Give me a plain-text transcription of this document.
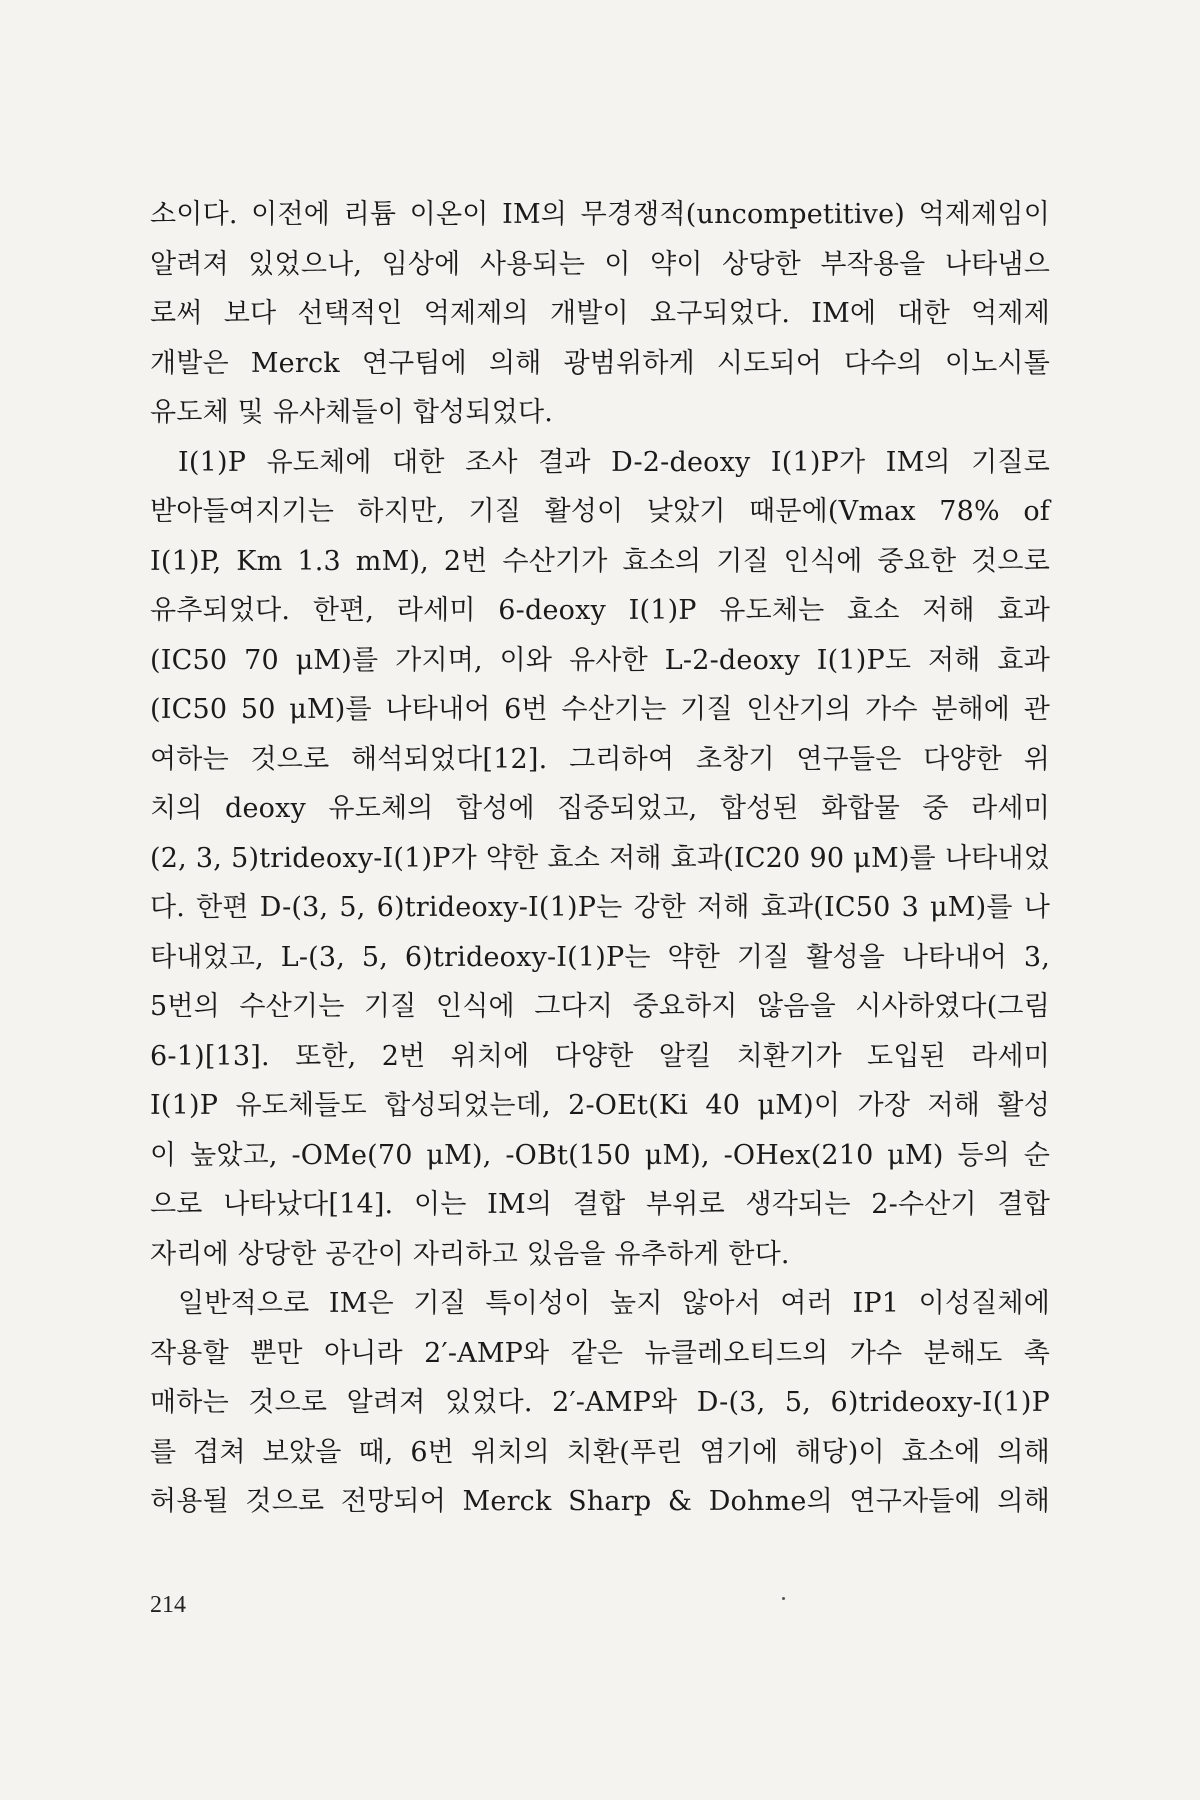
소이다. 이전에 리튬 이온이 IM의 무경쟁적(uncompetitive) 억제제임이
알려져 있었으나, 임상에 사용되는 이 약이 상당한 부작용을 나타냄으
로써 보다 선택적인 억제제의 개발이 요구되었다. IM에 대한 억제제
개발은 Merck 연구팀에 의해 광범위하게 시도되어 다수의 이노시톨
유도체 및 유사체들이 합성되었다.
I(1)P 유도체에 대한 조사 결과 D-2-deoxy I(1)P가 IM의 기질로
받아들여지기는 하지만, 기질 활성이 낮았기 때문에(Vmax 78% of
I(1)P, Km 1.3 mM), 2번 수산기가 효소의 기질 인식에 중요한 것으로
유추되었다. 한편, 라세미 6-deoxy I(1)P 유도체는 효소 저해 효과
(IC50 70 μM)를 가지며, 이와 유사한 L-2-deoxy I(1)P도 저해 효과
(IC50 50 μM)를 나타내어 6번 수산기는 기질 인산기의 가수 분해에 관
여하는 것으로 해석되었다[12]. 그리하여 초창기 연구들은 다양한 위
치의 deoxy 유도체의 합성에 집중되었고, 합성된 화합물 중 라세미
(2, 3, 5)trideoxy-I(1)P가 약한 효소 저해 효과(IC20 90 μM)를 나타내었
다. 한편 D-(3, 5, 6)trideoxy-I(1)P는 강한 저해 효과(IC50 3 μM)를 나
타내었고, L-(3, 5, 6)trideoxy-I(1)P는 약한 기질 활성을 나타내어 3,
5번의 수산기는 기질 인식에 그다지 중요하지 않음을 시사하였다(그림
6-1)[13]. 또한, 2번 위치에 다양한 알킬 치환기가 도입된 라세미
I(1)P 유도체들도 합성되었는데, 2-OEt(Ki 40 μM)이 가장 저해 활성
이 높았고, -OMe(70 μM), -OBt(150 μM), -OHex(210 μM) 등의 순
으로 나타났다[14]. 이는 IM의 결합 부위로 생각되는 2-수산기 결합
자리에 상당한 공간이 자리하고 있음을 유추하게 한다.
일반적으로 IM은 기질 특이성이 높지 않아서 여러 IP1 이성질체에
작용할 뿐만 아니라 2′-AMP와 같은 뉴클레오티드의 가수 분해도 촉
매하는 것으로 알려져 있었다. 2′-AMP와 D-(3, 5, 6)trideoxy-I(1)P
를 겹쳐 보았을 때, 6번 위치의 치환(푸린 염기에 해당)이 효소에 의해
허용될 것으로 전망되어 Merck Sharp & Dohme의 연구자들에 의해
214
